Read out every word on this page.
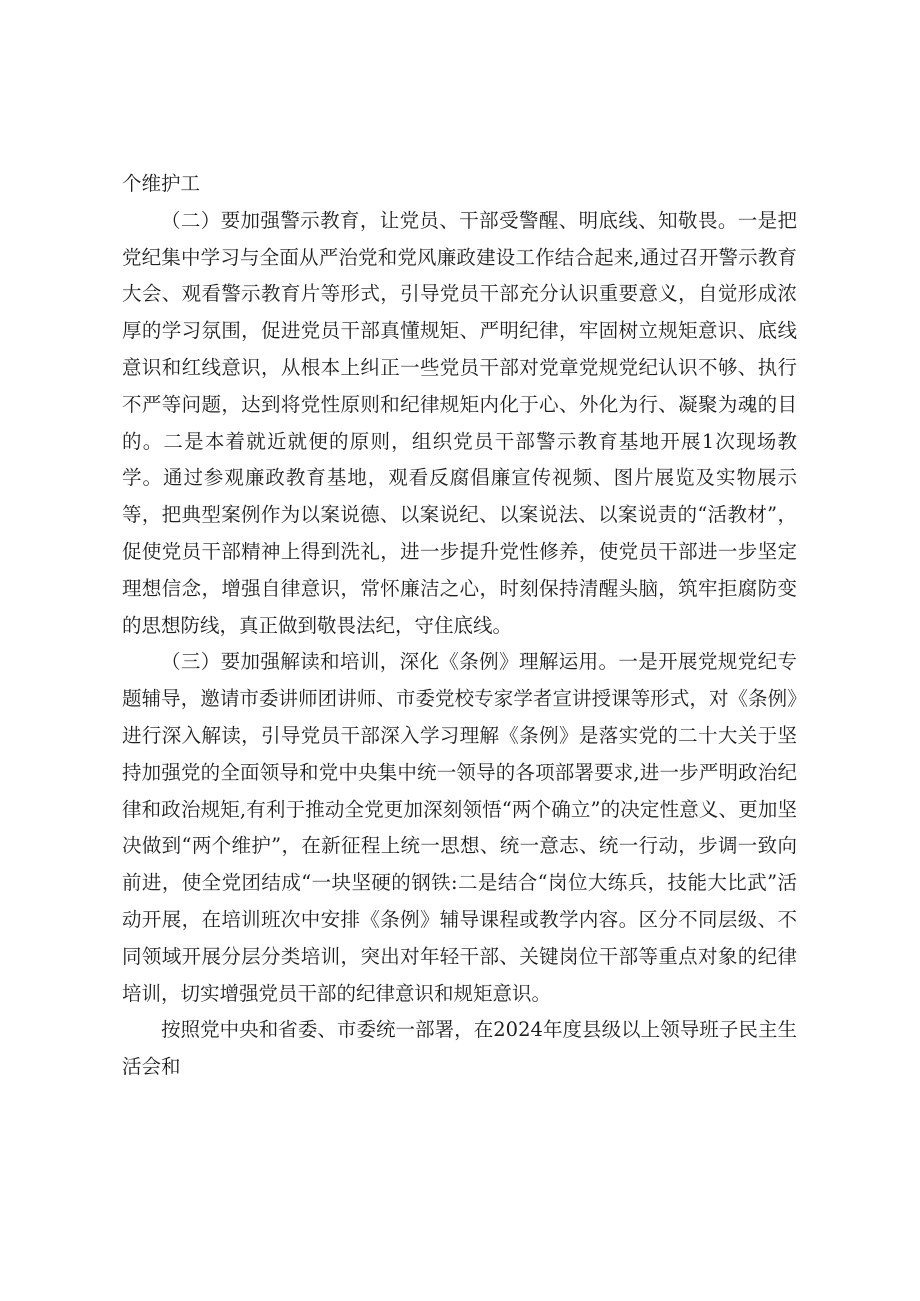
个维护工

（二）要加强警示教育，让党员、干部受警醒、明底线、知敬畏。一是把党纪集中学习与全面从严治党和党风廉政建设工作结合起来,通过召开警示教育大会、观看警示教育片等形式，引导党员干部充分认识重要意义，自觉形成浓厚的学习氛围，促进党员干部真懂规矩、严明纪律，牢固树立规矩意识、底线意识和红线意识，从根本上纠正一些党员干部对党章党规党纪认识不够、执行不严等问题，达到将党性原则和纪律规矩内化于心、外化为行、凝聚为魂的目的。二是本着就近就便的原则，组织党员干部警示教育基地开展1次现场教学。通过参观廉政教育基地，观看反腐倡廉宣传视频、图片展览及实物展示等，把典型案例作为以案说德、以案说纪、以案说法、以案说责的“活教材”，促使党员干部精神上得到洗礼，进一步提升党性修养，使党员干部进一步坚定理想信念，增强自律意识，常怀廉洁之心，时刻保持清醒头脑，筑牢拒腐防变的思想防线，真正做到敬畏法纪，守住底线。

（三）要加强解读和培训，深化《条例》理解运用。一是开展党规党纪专题辅导，邀请市委讲师团讲师、市委党校专家学者宣讲授课等形式，对《条例》进行深入解读，引导党员干部深入学习理解《条例》是落实党的二十大关于坚持加强党的全面领导和党中央集中统一领导的各项部署要求,进一步严明政治纪律和政治规矩,有利于推动全党更加深刻领悟“两个确立”的决定性意义、更加坚决做到“两个维护”，在新征程上统一思想、统一意志、统一行动，步调一致向前进，使全党团结成“一块坚硬的钢铁:二是结合“岗位大练兵，技能大比武”活动开展，在培训班次中安排《条例》辅导课程或教学内容。区分不同层级、不同领域开展分层分类培训，突出对年轻干部、关键岗位干部等重点对象的纪律培训，切实增强党员干部的纪律意识和规矩意识。

按照党中央和省委、市委统一部署，在2024年度县级以上领导班子民主生活会和
